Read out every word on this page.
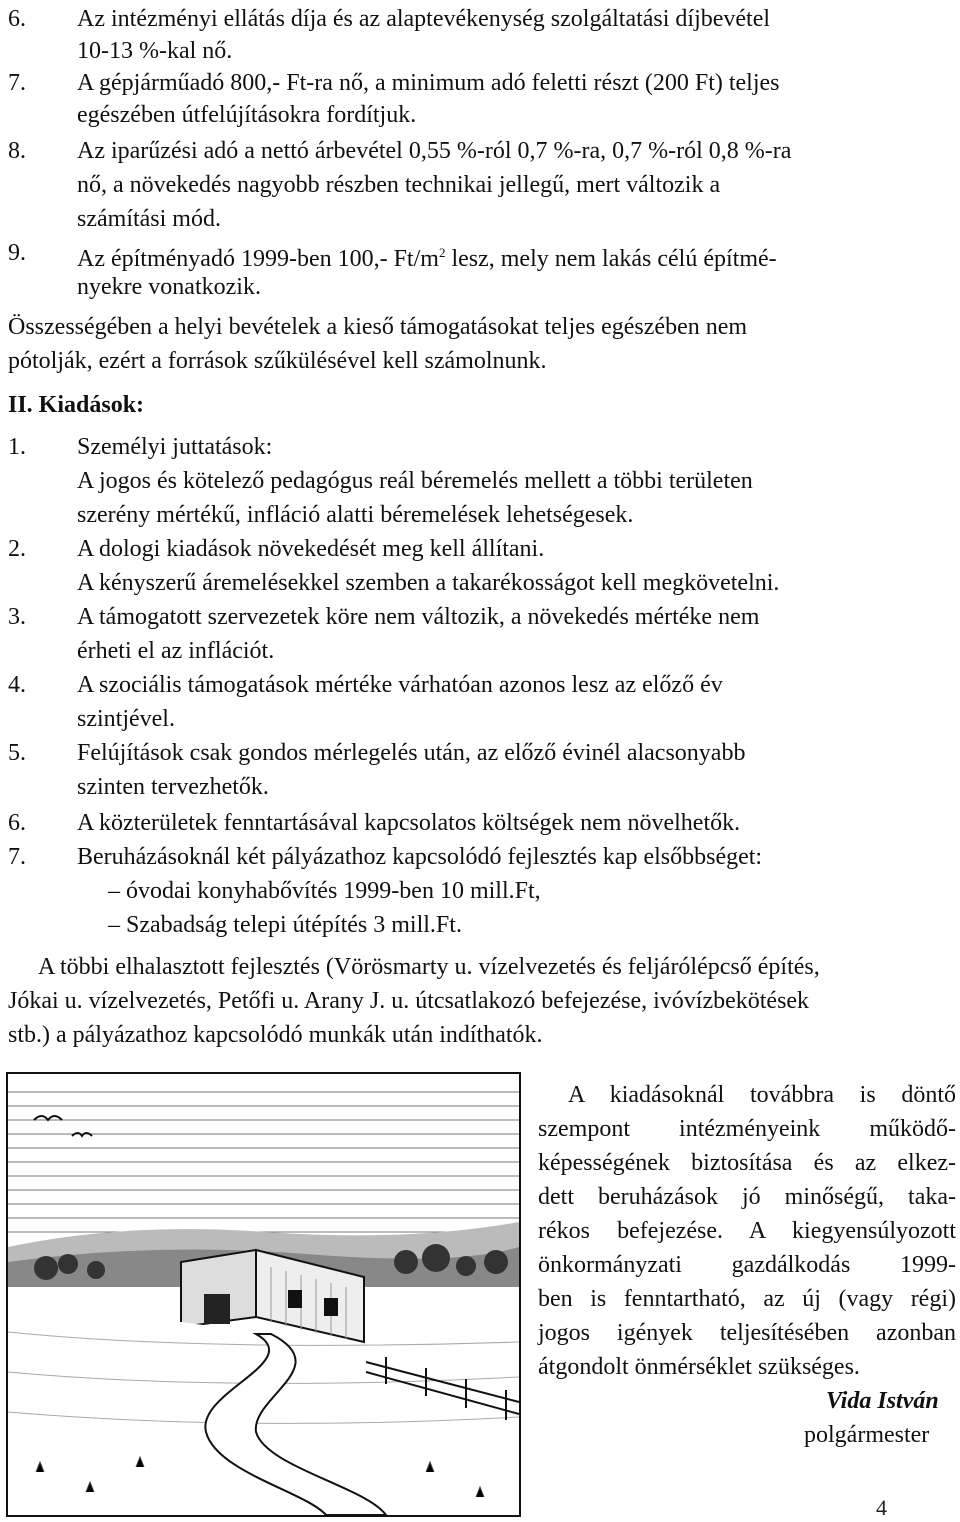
6. Az intézményi ellátás díja és az alaptevékenység szolgáltatási díjbevétel
10-13 %-kal nő.
7. A gépjárműadó 800,- Ft-ra nő, a minimum adó feletti részt (200 Ft) teljes
egészében útfelújításokra fordítjuk.
8. Az iparűzési adó a nettó árbevétel 0,55 %-ról 0,7 %-ra, 0,7 %-ról 0,8 %-ra
nő, a növekedés nagyobb részben technikai jellegű, mert változik a
számítási mód.
9. Az építményadó 1999-ben 100,- $Ft/m^2$ lesz, mely nem lakás célú építmé-
nyekre vonatkozik.
Összességében a helyi bevételek a kieső támogatásokat teljes egészében nem
pótolják, ezért a források szűkülésével kell számolnunk.
II. Kiadások:
1. Személyi juttatások:
A jogos és kötelező pedagógus reál béremelés mellett a többi területen
szerény mértékű, infláció alatti béremelések lehetségesek.
2. A dologi kiadások növekedését meg kell állítani.
A kényszerű áremelésekkel szemben a takarékosságot kell megkövetelni.
3. A támogatott szervezetek köre nem változik, a növekedés mértéke nem
érheti el az inflációt.
4. A szociális támogatások mértéke várhatóan azonos lesz az előző év
szintjével.
5. Felújítások csak gondos mérlegelés után, az előző évinél alacsonyabb
szinten tervezhetők.
6. A közterületek fenntartásával kapcsolatos költségek nem növelhetők.
7. Beruházásoknál két pályázathoz kapcsolódó fejlesztés kap elsőbbséget:
– óvodai konyhabővítés 1999-ben 10 mill.Ft,
– Szabadság telepi útépítés 3 mill.Ft.
A többi elhalasztott fejlesztés (Vörösmarty u. vízelvezetés és feljárólépcső építés,
Jókai u. vízelvezetés, Petőfi u. Arany J. u. útcsatlakozó befejezése, ivóvízbekötések
stb.) a pályázathoz kapcsolódó munkák után indíthatók.
A kiadásoknál továbbra is döntő
szempont intézményeink működő-
képességének biztosítása és az elkez-
dett beruházások jó minőségű, taka-
rékos befejezése. A kiegyensúlyozott
önkormányzati gazdálkodás 1999-
ben is fenntartható, az új (vagy régi)
jogos igények teljesítésében azonban
átgondolt önmérséklet szükséges.
Vida István
polgármester
4
